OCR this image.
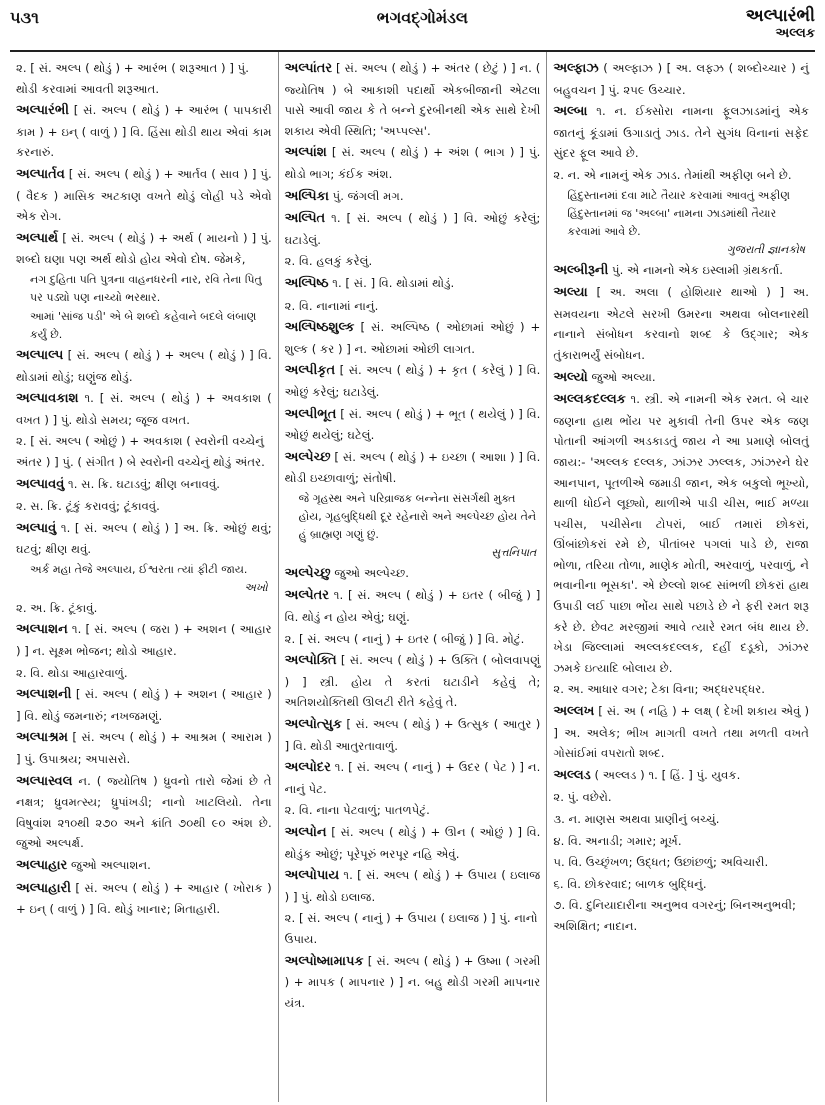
૫૩૧	ભગવદ્ગોમંડલ	અલ્પારંભી
અલ્લક
૨. [ સં. અલ્પ ( થોડું ) + આરંભ ( શરૂઆત ) ] પું. થોડી કરવામાં આવતી શરૂઆત.
અલ્પારંભી [ સં. અલ્પ ( થોડું ) + આરંભ ( પાપકારી કામ ) + ઇન્ ( વાળું ) ] વિ. હિંસા થોડી થાય એવાં કામ કરનારું.
અલ્પાર્તવ [ સં. અલ્પ ( થોડું ) + આર્તવ ( સાવ ) ] પું. ( વૈદક ) માસિક અટકાણ વખતે થોડું લોહી પડે એવો એક રોગ.
અલ્પાર્થ [ સં. અલ્પ ( થોડું ) + અર્થ ( માયનો ) ] પું. શબ્દો ઘણા પણ અર્થ થોડો હોય એવો દોષ. જેમકે,
નગ દુહિતા પતિ પુત્રના વાહનધરની નાર, રવિ તેના પિતુ પર પડ્યો પણ નાચ્યો ભરથાર.
આમાં 'સાંજ પડી' એ બે શબ્દો કહેવાને બદલે લંબાણ કર્યું છે.
અલ્પાલ્પ [ સં. અલ્પ ( થોડું ) + અલ્પ ( થોડું ) ] વિ. થોડામાં થોડું; ઘણુંજ થોડું.
અલ્પાવકાશ ૧. [ સં. અલ્પ ( થોડું ) + અવકાશ ( વખત ) ] પું. થોડો સમય; જૂજ વખત.
૨. [ સં. અલ્પ ( ઓછું ) + અવકાશ ( સ્વરોની વચ્ચેનું અંતર ) ] પું. ( સંગીત ) બે સ્વરોની વચ્ચેનું થોડું અંતર.
અલ્પાવવું ૧. સ. ક્રિ. ઘટાડવું; ક્ષીણ બનાવવું.
૨. સ. ક્રિ. ટૂંકું કરાવવું; ટૂંકાવવું.
અલ્પાવું ૧. [ સં. અલ્પ ( થોડું ) ] અ. ક્રિ. ઓછું થવું; ઘટવું; ક્ષીણ થવું.
અર્ક મહા તેજે અલ્પાય, ઈશ્વરતા ત્યાં ફીટી જાય.
અખો
૨. અ. ક્રિ. ટૂંકાવું.
અલ્પાશન ૧. [ સં. અલ્પ ( જરા ) + અશન ( આહાર ) ] ન. સૂક્ષ્મ ભોજન; થોડો આહાર.
૨. વિ. થોડા આહારવાળું.
અલ્પાશની [ સં. અલ્પ ( થોડું ) + અશન ( આહાર ) ] વિ. થોડું જમનારું; નખજમણું.
અલ્પાશ્રમ [ સં. અલ્પ ( થોડું ) + આશ્રમ ( આરામ ) ] પું. ઉપાશ્રય; અપાસરો.
અલ્પાસ્વલ ન. ( જ્યોતિષ ) ધ્રુવનો તારો જેમાં છે તે નક્ષત્ર; ધ્રુવમત્સ્ય; ધ્રુપાંખડી; નાનો ખાટલિયો. તેના વિષુવાંશ ૨૧૦થી ૨૭૦ અને ક્રાંતિ ૭૦થી ૯૦ અંશ છે. જુઓ અલ્પર્ક્ષ.
અલ્પાહાર જુઓ અલ્પાશન.
અલ્પાહારી [ સં. અલ્પ ( થોડું ) + આહાર ( ખોરાક ) + ઇન્ ( વાળું ) ] વિ. થોડું ખાનાર; મિતાહારી.
અલ્પાંતર [ સં. અલ્પ ( થોડું ) + અંતર ( છેટું ) ] ન. ( જ્યોતિષ ) બે આકાશી પદાર્થો એકબીજાની એટલા પાસે આવી જાય કે તે બન્ને દુરબીનથી એક સાથે દેખી શકાય એવી સ્થિતિ; 'અપ્પલ્સ'.
અલ્પાંશ [ સં. અલ્પ ( થોડું ) + અંશ ( ભાગ ) ] પું. થોડો ભાગ; કંઈક અંશ.
અલ્પિકા પું. જંગલી મગ.
અલ્પિત ૧. [ સં. અલ્પ ( થોડું ) ] વિ. ઓછું કરેલું; ઘટાડેલું.
૨. વિ. હલકું કરેલું.
અલ્પિષ્ઠ ૧. [ સં. ] વિ. થોડામાં થોડું.
૨. વિ. નાનામાં નાનું.
અલ્પિષ્ઠશુલ્ક [ સં. અલ્પિષ્ઠ ( ઓછામાં ઓછું ) + શુલ્ક ( કર ) ] ન. ઓછામાં ઓછી લાગત.
અલ્પીકૃત [ સં. અલ્પ ( થોડું ) + કૃત ( કરેલું ) ] વિ. ઓછું કરેલું; ઘટાડેલું.
અલ્પીભૂત [ સં. અલ્પ ( થોડું ) + ભૂત ( થયેલું ) ] વિ. ઓછું થયેલું; ઘટેલું.
અલ્પેચ્છ [ સં. અલ્પ ( થોડું ) + ઇચ્છા ( આશા ) ] વિ. થોડી ઇચ્છાવાળું; સંતોષી.
જે ગૃહસ્થ અને પરિવ્રાજક બન્નેના સંસર્ગથી મુક્ત હોય, ગૃહબુદ્ધિથી દૂર રહેનારો અને અલ્પેચ્છ હોય તેને હું બ્રાહ્મણ ગણું છું.
સુત્તનિપાત
અલ્પેચ્છુ જુઓ અલ્પેચ્છ.
અલ્પેતર ૧. [ સં. અલ્પ ( થોડું ) + ઇતર ( બીજું ) ] વિ. થોડું ન હોય એવું; ઘણું.
૨. [ સં. અલ્પ ( નાનું ) + ઇતર ( બીજું ) ] વિ. મોટું.
અલ્પોક્તિ [ સં. અલ્પ ( થોડું ) + ઉક્તિ ( બોલવાપણું ) ] સ્ત્રી. હોય તે કરતાં ઘટાડીને કહેવું તે; અતિશયોક્તિથી ઊલટી રીતે કહેવું તે.
અલ્પોત્સુક [ સં. અલ્પ ( થોડું ) + ઉત્સુક ( આતુર ) ] વિ. થોડી આતુરતાવાળું.
અલ્પોદર ૧. [ સં. અલ્પ ( નાનું ) + ઉદર ( પેટ ) ] ન. નાનું પેટ.
૨. વિ. નાના પેટવાળું; પાતળપેટું.
અલ્પોન [ સં. અલ્પ ( થોડું ) + ઊન ( ઓછું ) ] વિ. થોડુંક ઓછું; પૂરેપૂરું ભરપૂર નહિ એવું.
અલ્પોપાય ૧. [ સં. અલ્પ ( થોડું ) + ઉપાય ( ઇલાજ ) ] પું. થોડો ઇલાજ.
૨. [ સં. અલ્પ ( નાનું ) + ઉપાય ( ઇલાજ ) ] પું. નાનો ઉપાય.
અલ્પોષ્મામાપક [ સં. અલ્પ ( થોડું ) + ઉષ્મા ( ગરમી ) + માપક ( માપનાર ) ] ન. બહુ થોડી ગરમી માપનાર યંત્ર.
અલ્ફાઝ ( અલ્ફાઝ ) [ અ. લફ્ઝ ( શબ્દોચ્ચાર ) નું બહુવચન ] પું. ૨૫૯ ઉચ્ચાર.
અલ્બા ૧. ન. ઈક્સોરા નામના ફૂલઝાડમાંનું એક જાતનું કૂંડામાં ઉગાડાતું ઝાડ. તેને સુગંધ વિનાનાં સફેદ સુંદર ફૂલ આવે છે.
૨. ન. એ નામનું એક ઝાડ. તેમાંથી અફીણ બને છે.
હિંદુસ્તાનમાં દવા માટે તૈયાર કરવામાં આવતું અફીણ હિંદુસ્તાનમાં જ 'અલ્બા' નામના ઝાડમાંથી તૈયાર કરવામાં આવે છે.
ગુજરાતી જ્ઞાનકોષ
અલ્બીરૂની પું. એ નામનો એક ઇસ્લામી ગ્રંથકર્તા.
અલ્યા [ અ. અલા ( હોશિયાર થાઓ ) ] અ. સમવયના એટલે સરખી ઉમરના અથવા બોલનારથી નાનાને સંબોધન કરવાનો શબ્દ કે ઉદ્ગાર; એક તુંકારાભર્યું સંબોધન.
અલ્યો જુઓ અલ્યા.
અલ્લકદલ્લક ૧. સ્ત્રી. એ નામની એક રમત. બે ચાર જણના હાથ ભોંય પર મુકાવી તેની ઉપર એક જણ પોતાની આંગળી અડકાડતું જાય ને આ પ્રમાણે બોલતું જાય:- 'અલ્લક દલ્લક, ઝાંઝર ઝલ્લક, ઝાંઝરને ઘેર આનપાન, પૂતળીએ જમાડી જાન, એક બકુલો ભૂખ્યો, થાળી ધોઈને લૂછ્યો, થાળીએ પાડી ચીસ, ભાઈ મળ્યા પચીસ, પચીસેના ટોપરાં, બાઈ તમારાં છોકરાં, ઊંબાંછોકરાં રમે છે, પીતાંબર પગલાં પાડે છે, રાજા ભોળા, તરિયા તોળા, માણેક મોતી, અરવાળું, પરવાળું, ને ભવાનીના ભૂસકા'. એ છેલ્લો શબ્દ સાંભળી છોકરાં હાથ ઉપાડી લઈ પાછા ભોંય સાથે પછાડે છે ને ફરી રમત શરૂ કરે છે. છેવટ મરજીમાં આવે ત્યારે રમત બંધ થાય છે. ખેડા જિલ્લામાં અલ્લકદલ્લક, દહીં દડૂકો, ઝાંઝર ઝમકે ઇત્યાદિ બોલાય છે.
૨. અ. આધાર વગર; ટેકા વિના; અદ્ધરપદ્ધર.
અલ્લખ [ સં. અ ( નહિ ) + લક્ષ્ ( દેખી શકાય એવું ) ] અ. અલેક; ભીખ માગતી વખતે તથા મળતી વખતે ગોસાંઈમાં વપરાતો શબ્દ.
અલ્લડ ( અલ્લડ ) ૧. [ હિં. ] પું. યુવક.
૨. પું. વછેરો.
૩. ન. માણસ અથવા પ્રાણીનું બચ્ચું.
૪. વિ. અનાડી; ગમાર; મૂર્ખ.
૫. વિ. ઉચ્છૃંખળ; ઉદ્ધત; ઉછાંછળું; અવિચારી.
૬. વિ. છોકરવાદ; બાળક બુદ્ધિનું.
૭. વિ. દુનિયાદારીના અનુભવ વગરનું; બિનઅનુભવી; અશિક્ષિત; નાદાન.
